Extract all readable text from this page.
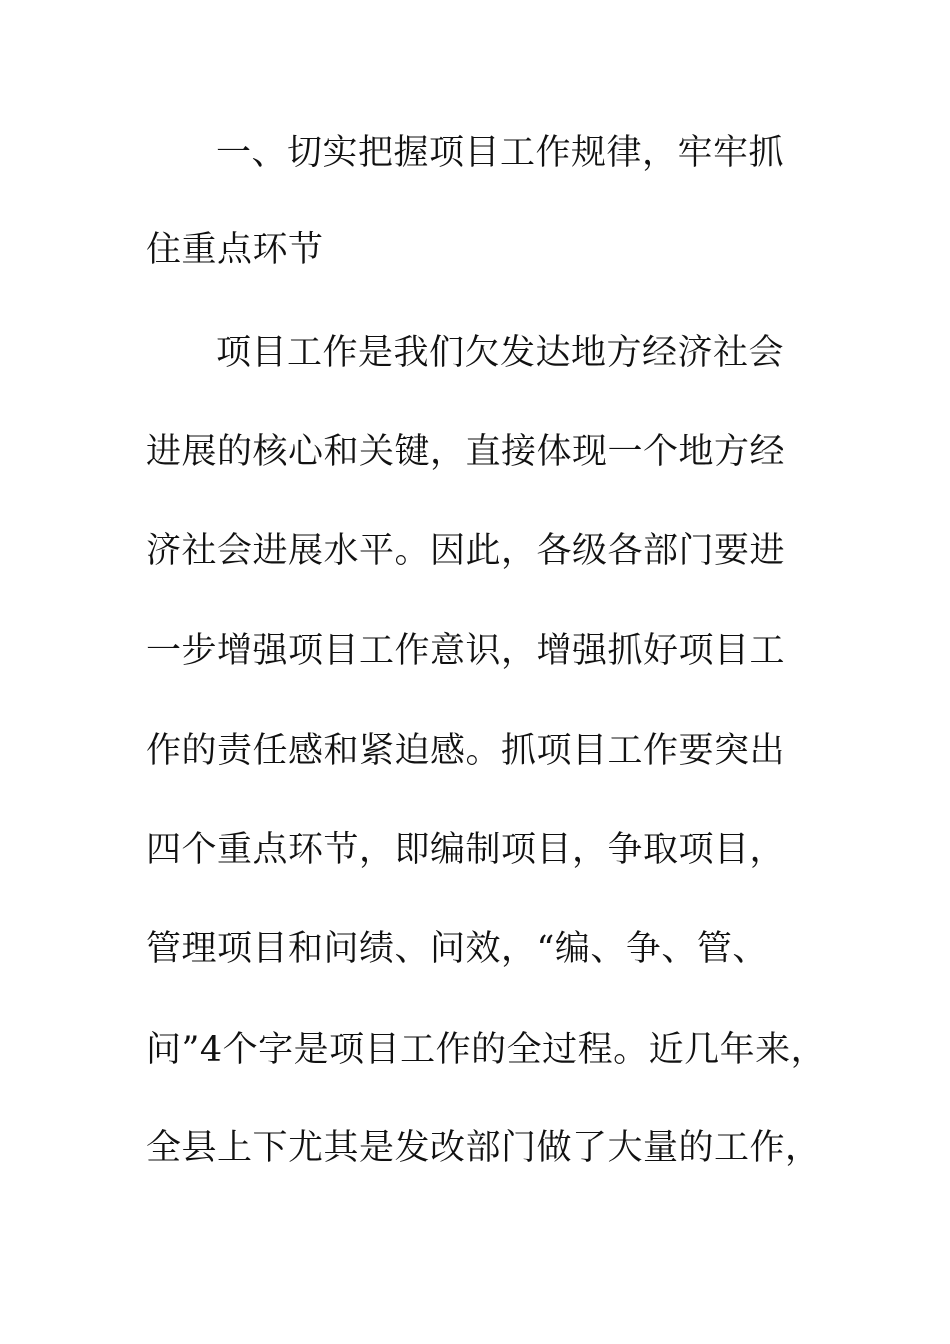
一、切实把握项目工作规律，牢牢抓
住重点环节
项目工作是我们欠发达地方经济社会
进展的核心和关键，直接体现一个地方经
济社会进展水平。因此，各级各部门要进
一步增强项目工作意识，增强抓好项目工
作的责任感和紧迫感。抓项目工作要突出
四个重点环节，即编制项目，争取项目，
管理项目和问绩、问效，“编、争、管、
问”4个字是项目工作的全过程。近几年来，
全县上下尤其是发改部门做了大量的工作，
